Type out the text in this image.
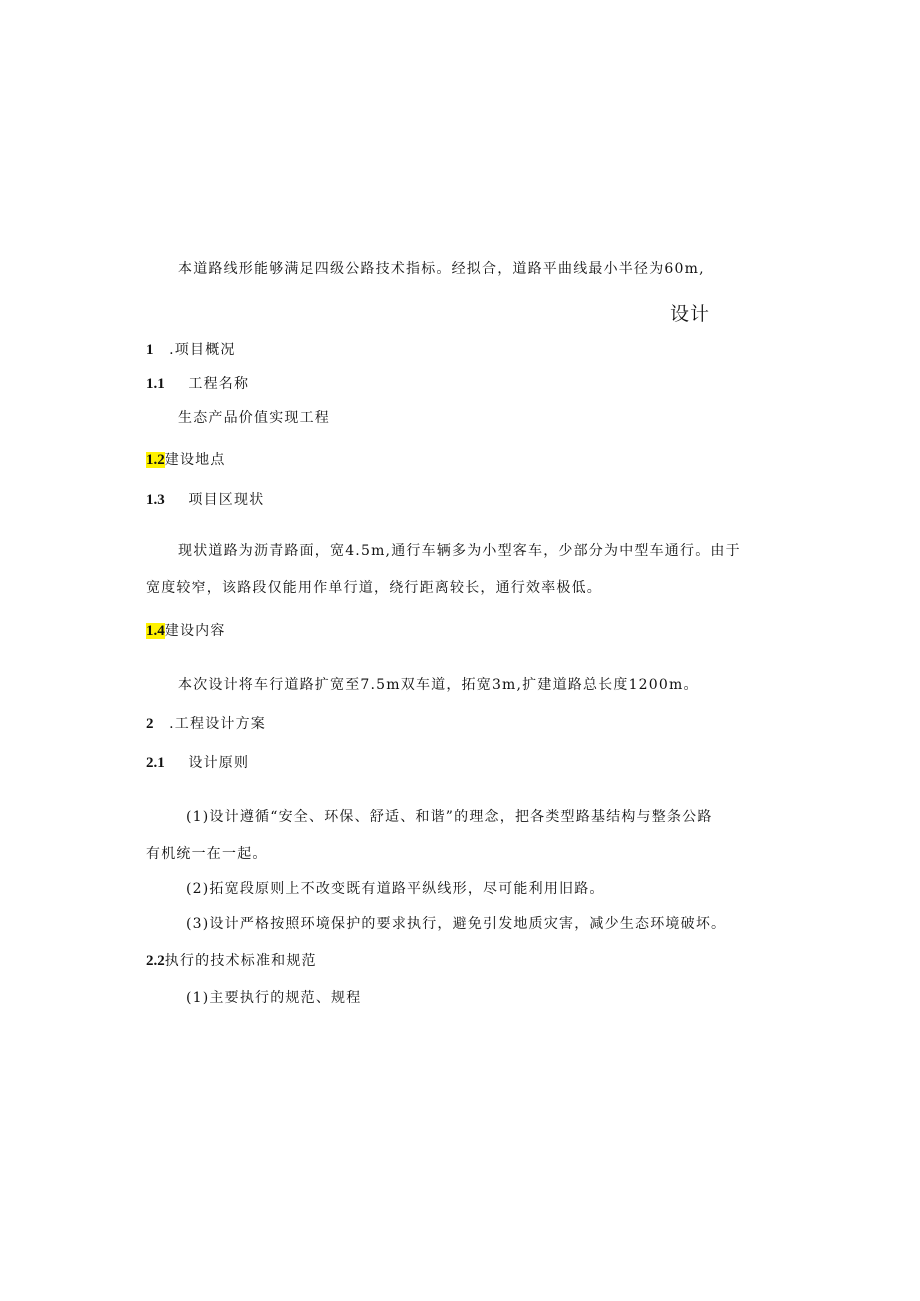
本道路线形能够满足四级公路技术指标。经拟合，道路平曲线最小半径为60m,
设计
1 .项目概况
1.1 工程名称
生态产品价值实现工程
1.2建设地点
1.3 项目区现状
现状道路为沥青路面，宽4.5m,通行车辆多为小型客车，少部分为中型车通行。由于
宽度较窄，该路段仅能用作单行道，绕行距离较长，通行效率极低。
1.4建设内容
本次设计将车行道路扩宽至7.5m双车道，拓宽3m,扩建道路总长度1200m。
2 .工程设计方案
2.1 设计原则
(1)设计遵循“安全、环保、舒适、和谐”的理念，把各类型路基结构与整条公路
有机统一在一起。
(2)拓宽段原则上不改变既有道路平纵线形，尽可能利用旧路。
(3)设计严格按照环境保护的要求执行，避免引发地质灾害，减少生态环境破坏。
2.2执行的技术标准和规范
(1)主要执行的规范、规程
